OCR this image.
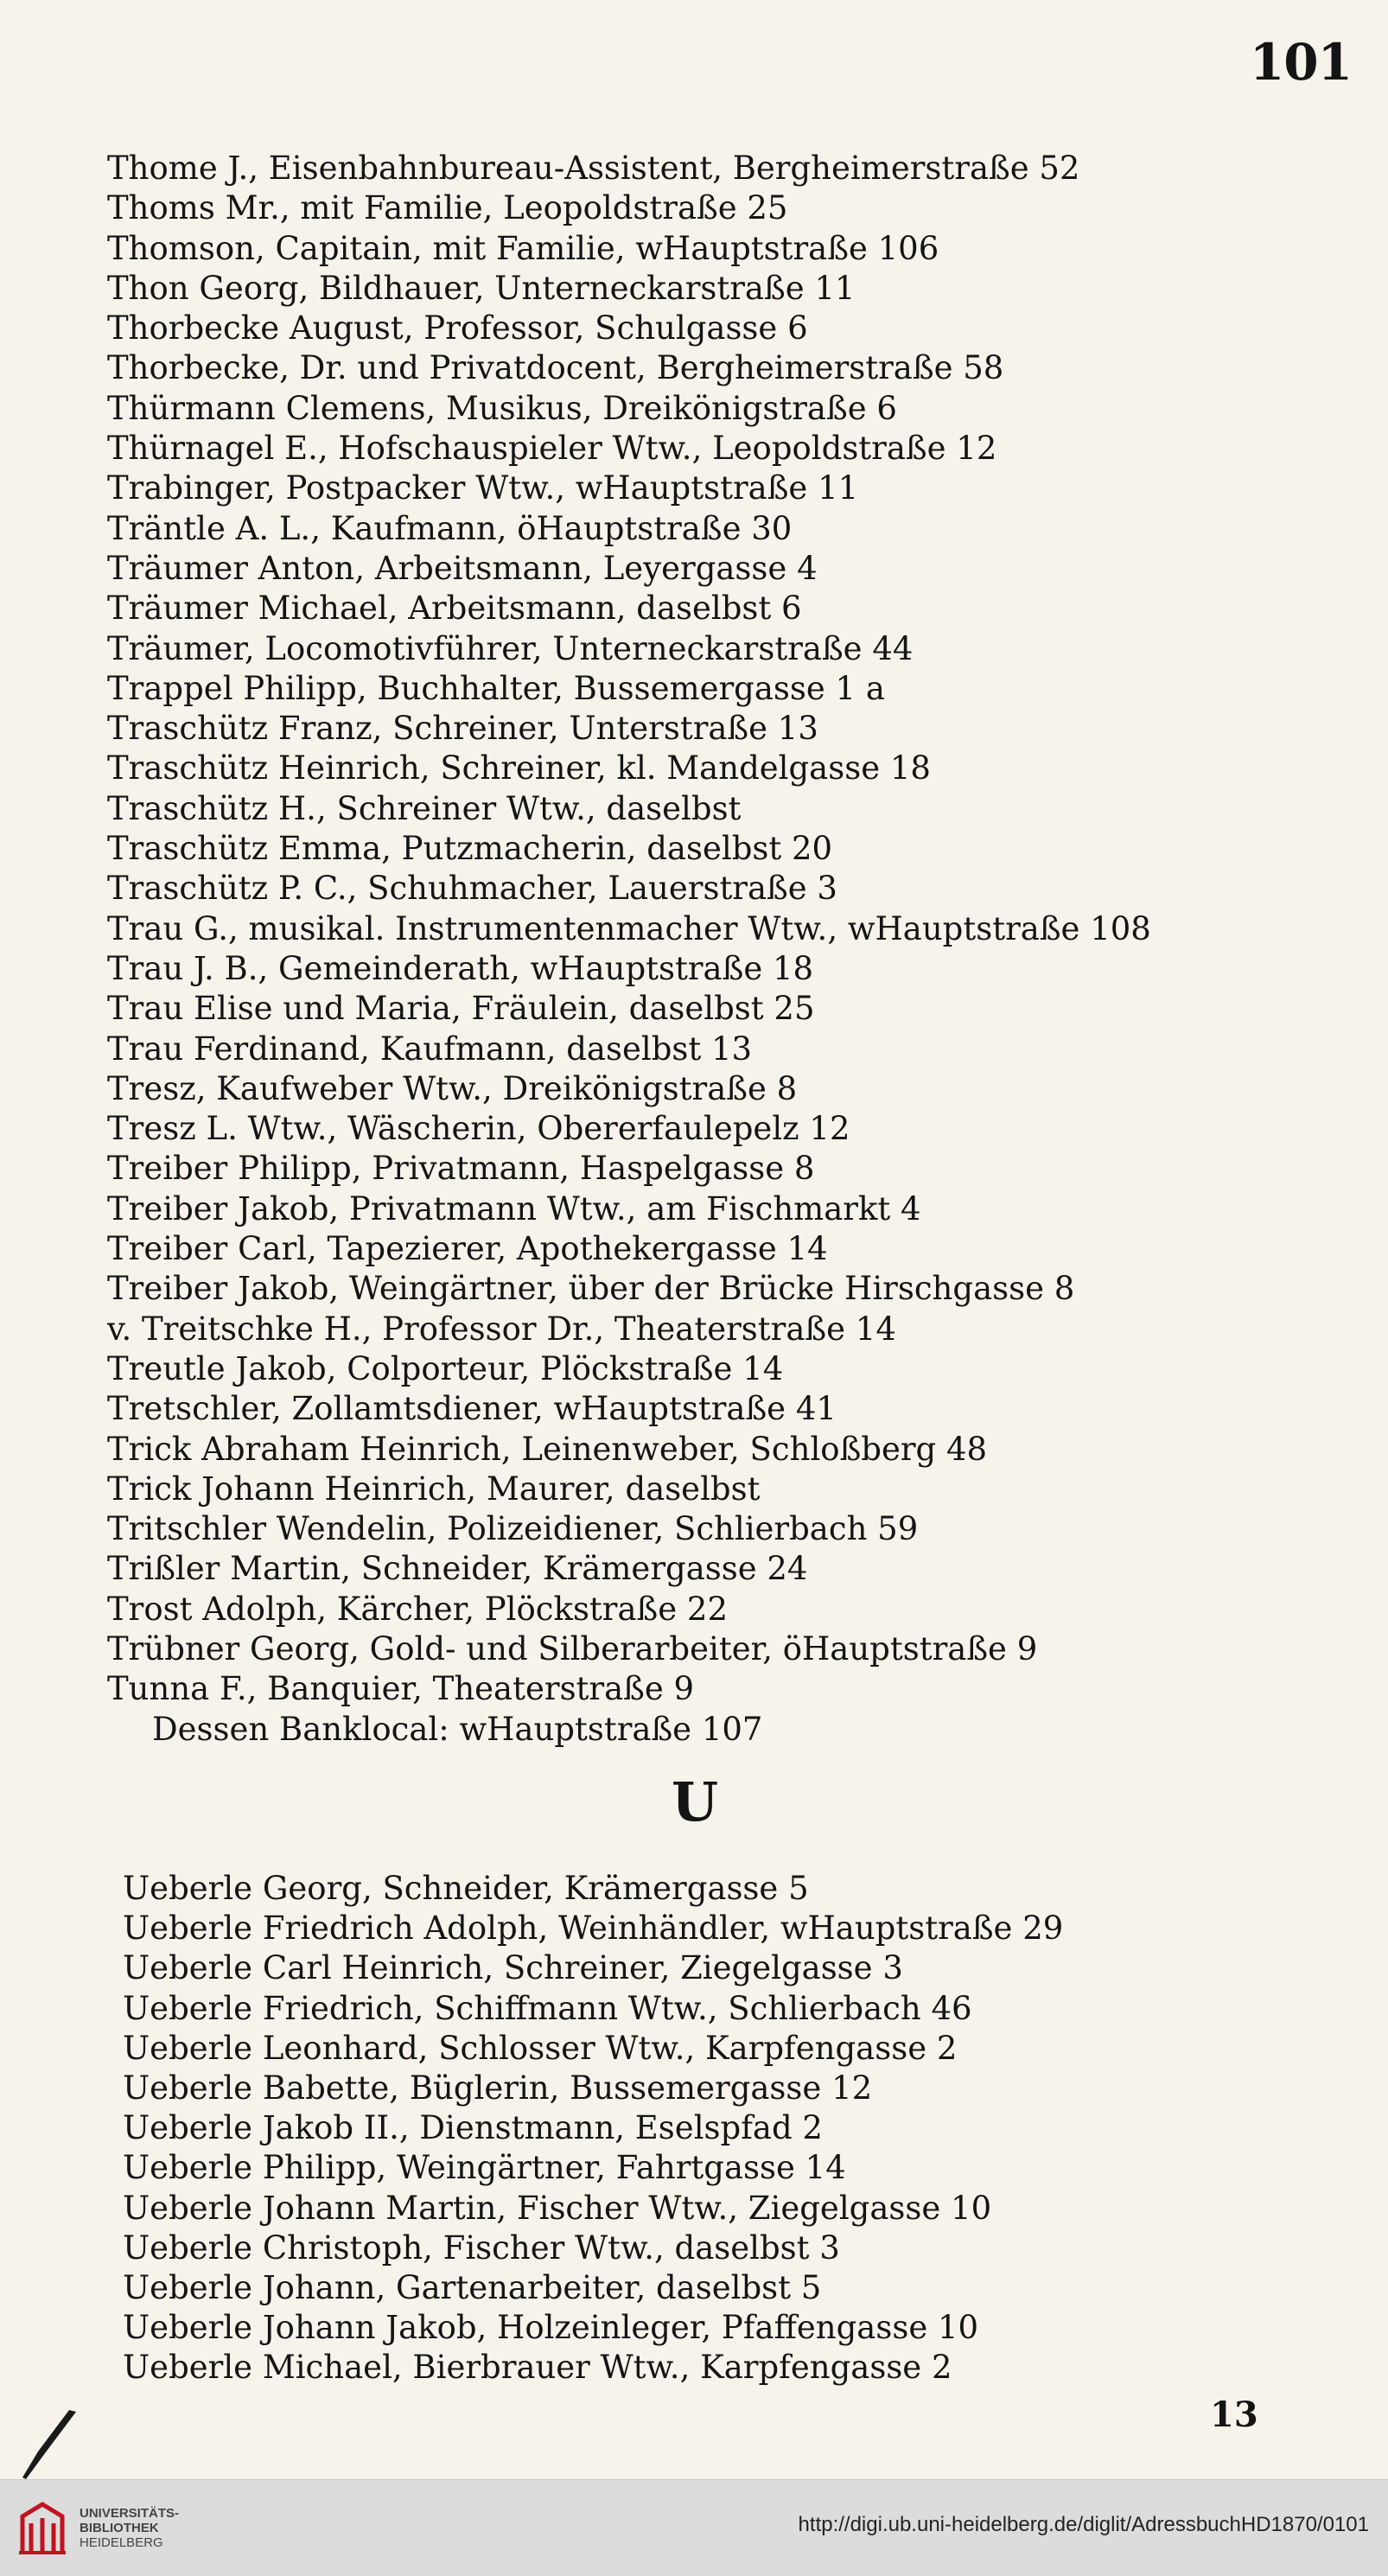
101
Thome J., Eisenbahnbureau-Assistent, Bergheimerstraße 52
Thoms Mr., mit Familie, Leopoldstraße 25
Thomson, Capitain, mit Familie, wHauptstraße 106
Thon Georg, Bildhauer, Unterneckarstraße 11
Thorbecke August, Professor, Schulgasse 6
Thorbecke, Dr. und Privatdocent, Bergheimerstraße 58
Thürmann Clemens, Musikus, Dreikönigstraße 6
Thürnagel E., Hofschauspieler Wtw., Leopoldstraße 12
Trabinger, Postpacker Wtw., wHauptstraße 11
Träntle A. L., Kaufmann, öHauptstraße 30
Träumer Anton, Arbeitsmann, Leyergasse 4
Träumer Michael, Arbeitsmann, daselbst 6
Träumer, Locomotivführer, Unterneckarstraße 44
Trappel Philipp, Buchhalter, Bussemergasse 1 a
Traschütz Franz, Schreiner, Unterstraße 13
Traschütz Heinrich, Schreiner, kl. Mandelgasse 18
Traschütz H., Schreiner Wtw., daselbst
Traschütz Emma, Putzmacherin, daselbst 20
Traschütz P. C., Schuhmacher, Lauerstraße 3
Trau G., musikal. Instrumentenmacher Wtw., wHauptstraße 108
Trau J. B., Gemeinderath, wHauptstraße 18
Trau Elise und Maria, Fräulein, daselbst 25
Trau Ferdinand, Kaufmann, daselbst 13
Tresz, Kaufweber Wtw., Dreikönigstraße 8
Tresz L. Wtw., Wäscherin, Obererfaulepelz 12
Treiber Philipp, Privatmann, Haspelgasse 8
Treiber Jakob, Privatmann Wtw., am Fischmarkt 4
Treiber Carl, Tapezierer, Apothekergasse 14
Treiber Jakob, Weingärtner, über der Brücke Hirschgasse 8
v. Treitschke H., Professor Dr., Theaterstraße 14
Treutle Jakob, Colporteur, Plöckstraße 14
Tretschler, Zollamtsdiener, wHauptstraße 41
Trick Abraham Heinrich, Leinenweber, Schloßberg 48
Trick Johann Heinrich, Maurer, daselbst
Tritschler Wendelin, Polizeidiener, Schlierbach 59
Trißler Martin, Schneider, Krämergasse 24
Trost Adolph, Kärcher, Plöckstraße 22
Trübner Georg, Gold- und Silberarbeiter, öHauptstraße 9
Tunna F., Banquier, Theaterstraße 9
Dessen Banklocal: wHauptstraße 107
U
Ueberle Georg, Schneider, Krämergasse 5
Ueberle Friedrich Adolph, Weinhändler, wHauptstraße 29
Ueberle Carl Heinrich, Schreiner, Ziegelgasse 3
Ueberle Friedrich, Schiffmann Wtw., Schlierbach 46
Ueberle Leonhard, Schlosser Wtw., Karpfengasse 2
Ueberle Babette, Büglerin, Bussemergasse 12
Ueberle Jakob II., Dienstmann, Eselspfad 2
Ueberle Philipp, Weingärtner, Fahrtgasse 14
Ueberle Johann Martin, Fischer Wtw., Ziegelgasse 10
Ueberle Christoph, Fischer Wtw., daselbst 3
Ueberle Johann, Gartenarbeiter, daselbst 5
Ueberle Johann Jakob, Holzeinleger, Pfaffengasse 10
Ueberle Michael, Bierbrauer Wtw., Karpfengasse 2
13
UNIVERSITÄTS-
BIBLIOTHEK
HEIDELBERG
http://digi.ub.uni-heidelberg.de/diglit/AdressbuchHD1870/0101
